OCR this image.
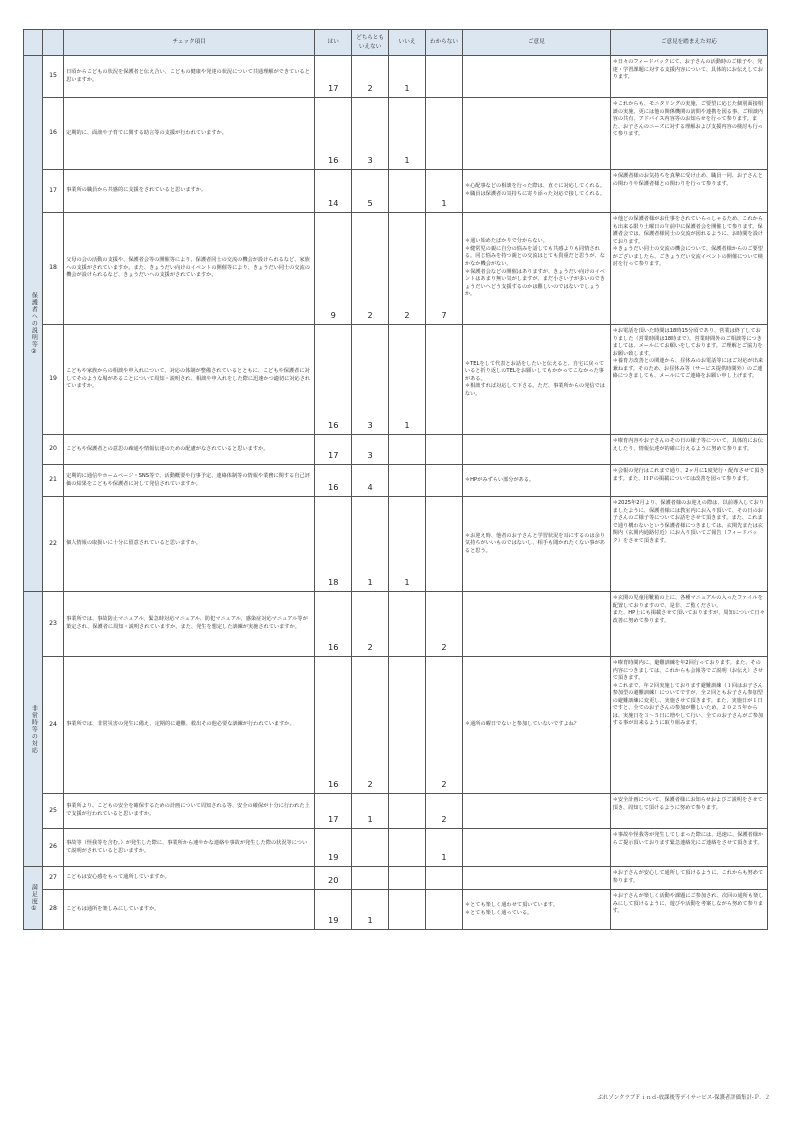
		チェック項目	はい	どちらとも
いえない	いいえ	わからない	ご意見	ご意見を踏まえた対応

保護者への説明等②	15	日頃からこどもの状況を保護者と伝え合い、こどもの健康や発達の状況について共通理解ができていると思いますか。	17	2	1			＊日々のフィードバックにて、お子さんの活動時のご様子や、発達・学習課題に対する支援内容について、具体的にお伝えしております。
	16	定期的に、面談や子育てに関する助言等の支援が行われていますか。	16	3	1			＊これからも、モニタリングの実施、ご要望に応じた個別面接相談の実施、更には他の関係機関の訪問や連携を図る事、ご相談内容の共有、アドバイス内容等のお知らせを行って参ります。また、お子さんのニーズに対する理解および支援内容の検討も行って参ります。
	17	事業所の職員から共感的に支援をされていると思いますか。	14	5		1	＊心配事などの相談を行った際は、直ぐに対応してくれる。
＊職員は保護者の気持ちに寄り添った対応で接してくれる。	＊保護者様のお気持ちを真摯に受け止め、職員一同、お子さんとの関わりや保護者様との関わりを行って参ります。
	18	父母の会の活動の支援や、保護者会等の開催等により、保護者同士の交流の機会が設けられるなど、家族への支援がされていますか。また、きょうだい向けのイベントの開催等により、きょうだい同士の交流の機会が設けられるなど、きょうだいへの支援がされていますか。	9	2	2	7	＊通い始めたばかりで分からない。
＊健常児の親に自分の悩みを話しても共感よりも同情される。同じ悩みを持つ親との交流はとても貴重だと思うが、なかなか機会がない。
＊保護者会などの開催はありますが、きょうだい向けのイベントはあまり無い気がしますが、まだ小さい子が多いのできょうだいへどう支援するのかは難しいのではないでしょうか。	＊他どの保護者様がお仕事をされていらっしゃるため、これからも出来る限り土曜日の午前中に保護者会を開催して参ります。保護者会では、保護者様同士の交流が図れるように、お時間を設けております。
＊きょうだい同士の交流の機会について、保護者様からのご要望がございましたら、ごきょうだい交流イベントの開催について検討を行って参ります。
	19	こどもや家族からの相談や申入れについて、対応の体制が整備されているとともに、こどもや保護者に対してそのような場があることについて周知・説明され、相談や申入れをした際に迅速かつ適切に対応されていますか。	16	3	1		＊TELをして代表とお話をしたいと伝えると、自宅に戻っていると折り返しのTELをお願いしてもかかってこなかった事がある。
＊相談すれば対応して下さる。ただ、事業所からの発信ではない。	＊お電話を頂いた時間は18時15分頃であり、営業は終了しておりました（営業時間は18時まで）。営業時間外のご相談等につきましては、メールにてお願いをしております。ご理解とご協力をお願い致します。
＊養育方改善との関連から、昼休みのお電話等にはご対応が出来兼ねます。そのため、お昼休み等（サービス提供時間外）のご連絡につきましても、メールにてご連絡をお願い申し上げます。
	20	こどもや保護者との意思の疎通や情報伝達のための配慮がなされていると思いますか。	17	3				＊療育内容やお子さんのその日の様子等について、具体的にお伝えしたり、情報伝達が的確に行えるように努めて参ります。
	21	定期的に通信やホームページ・SNS等で、活動概要や行事予定、連絡体制等の情報や業務に関する自己評価の結果をこどもや保護者に対して発信されていますか。	16	4			＊HPがみずらい部分がある。	＊会報の発行はこれまで通り、2ヶ月に1度発行・配布させて頂きます。また、ＨＰの掲載については改善を図って参ります。
	22	個人情報の取扱いに十分に留意されていると思いますか。	18	1	1		＊お迎え時、他者のお子さんと学習状況を耳にするのは余り気持ちがいいものではないし、相手も聞かれたくない事があると思う。	＊2025年2月より、保護者様のお迎えの際は、以前導入しておりましたように、保護者様には教室内にお入り頂いて、その日のお子さんのご様子等についてお話をさせて頂きます。また、これまで通り構わないという保護者様につきましては、玄関先または玄関内（玄関内通路付近）にお入り頂いてご報告（フィードバック）をさせて頂きます。

非常時等の対応	23	事業所では、事故防止マニュアル、緊急時対応マニュアル、防犯マニュアル、感染症対応マニュアル等が策定され、保護者に周知・説明されていますか。また、発生を想定した訓練が実施されていますか。	16	2		2		＊玄関の児童用靴箱の上に、各種マニュアルの入ったファイルを配置しておりますので、是非、ご覧ください。
また、HP上にも掲載させて頂いておりますが、周知について日々改善に努めて参ります。
	24	事業所では、非常災害の発生に備え、定期的に避難、救出その他必要な訓練が行われていますか。	16	2		2	＊通所の曜日でないと参加していないですよね？	＊療育時間内に、避難訓練を年2回行っております。また、その内容につきましては、これからも会報等でご説明（お伝え）させて頂きます。
＊これまで、年２回実施しております避難訓練（１回はお子さん参加型の避難訓練）についてですが、全２回ともお子さん参加型の避難訓練に変更し、実施させて頂きます。また、実施日が１日ですと、全てのお子さんの参加が難しいため、２０２５年からは、実施日を３～５日に増やして行い、全てのお子さんがご参加する事が出来るように取り組みます。
	25	事業所より、こどもの安全を確保するための計画について周知される等、安全の確保が十分に行われた上で支援が行われていると思いますか。	17	1		2		＊安全計画について、保護者様にお知らせおよびご説明をさせて頂き、周知して頂けるように努めて参ります。
	26	事故等（怪我等を含む。）が発生した際に、事業所から速やかな連絡や事故が発生した際の状況等について説明がされていると思いますか。	19			1		＊事故や怪我等が発生してしまった際には、迅速に、保護者様からご提示頂いております緊急連絡先にご連絡をさせて頂きます。

満足度①	27	こどもは安心感をもって通所していますか。	20					＊お子さんが安心して通所して頂けるように、これからも努めて参ります。
	28	こどもは通所を楽しみにしていますか。	19	1			＊とても楽しく通わせて頂いています。
＊とても楽しく通っている。	＊お子さんが楽しく活動や課題にご参加され、次回の通所も楽しみにして頂けるように、遊びや活動を考案しながら努めて参ります。
ぷれゾンクラブＦｉｎｄ-放課後等デイサービス-保護者評価集計-Ｐ．２
